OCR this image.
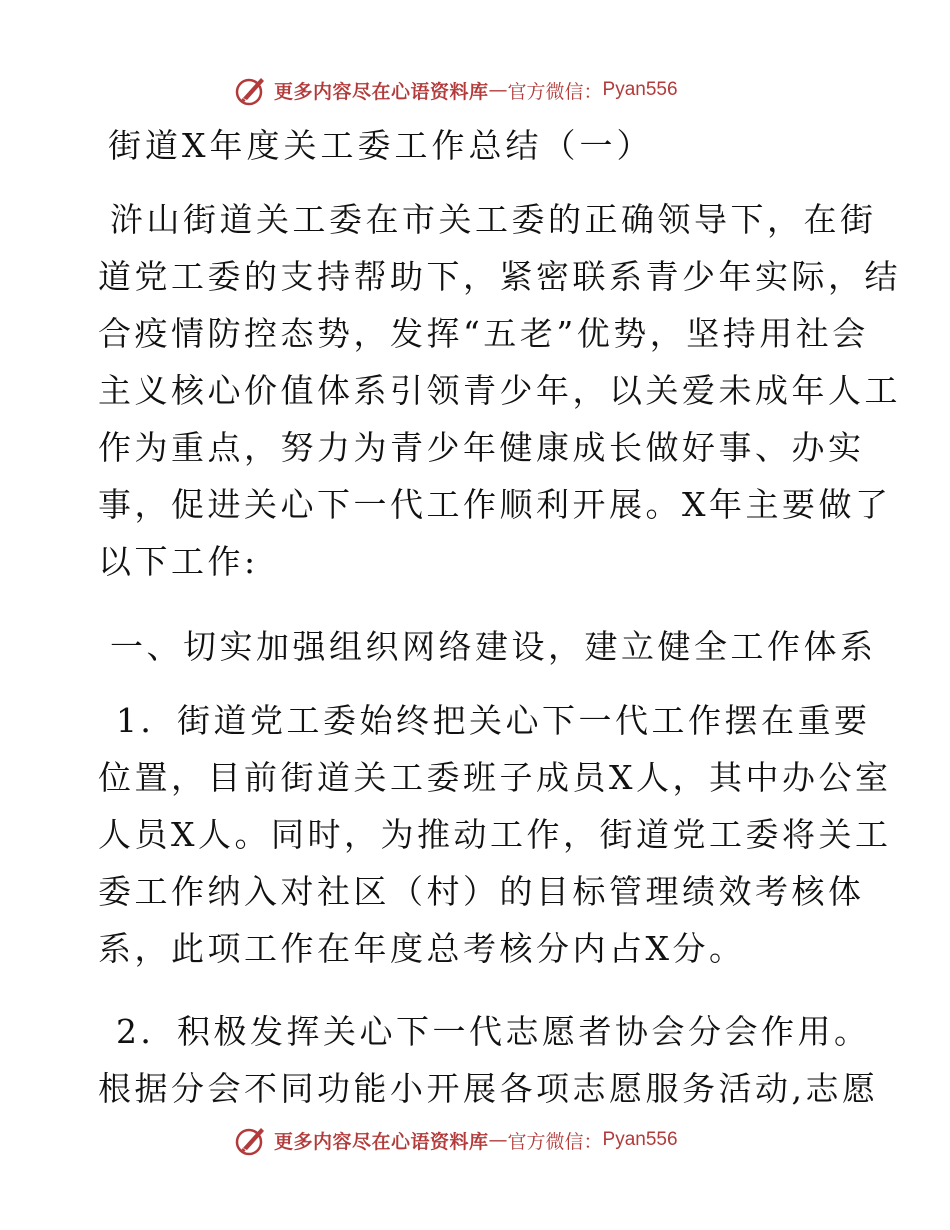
更多内容尽在心语资料库 — 官方微信： Pyan556
街道X年度关工委工作总结（一）
浒山街道关工委在市关工委的正确领导下，在街
道党工委的支持帮助下，紧密联系青少年实际，结
合疫情防控态势，发挥“五老”优势，坚持用社会
主义核心价值体系引领青少年，以关爱未成年人工
作为重点，努力为青少年健康成长做好事、办实
事，促进关心下一代工作顺利开展。X年主要做了
以下工作:
一、切实加强组织网络建设，建立健全工作体系
1．街道党工委始终把关心下一代工作摆在重要
位置，目前街道关工委班子成员X人，其中办公室
人员X人。同时，为推动工作，街道党工委将关工
委工作纳入对社区（村）的目标管理绩效考核体
系，此项工作在年度总考核分内占X分。
2．积极发挥关心下一代志愿者协会分会作用。
根据分会不同功能小开展各项志愿服务活动,志愿
更多内容尽在心语资料库 — 官方微信： Pyan556
